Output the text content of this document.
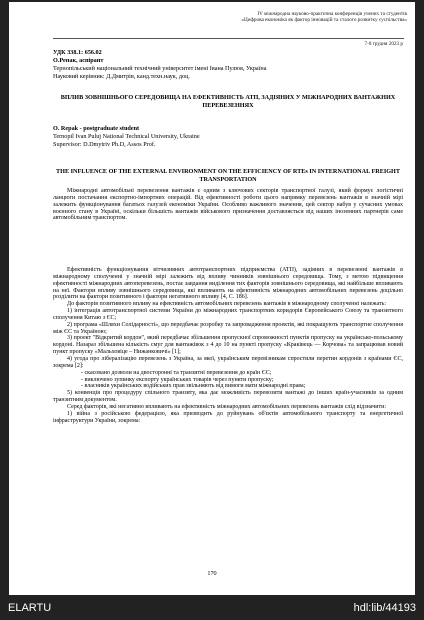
IV міжнародна науково-практична конференція учених та студентів
«Цифрова економіка як фактор інновацій та сталого розвитку суспільства»
7-8 грудня 2023 р
УДК 338.1: 656.02
О.Репак, аспірант
Тернопільський національний технічний університет імені Івана Пулюя, Україна
Науковий керівник: Д.Дмитрів, канд.техн.наук, доц.
ВПЛИВ ЗОВНІШНЬОГО СЕРЕДОВИЩА НА ЕФЕКТИВНІСТЬ АТП, ЗАДІЯНИХ У МІЖНАРОДНИХ ВАНТАЖНИХ ПЕРЕВЕЗЕННЯХ
O. Repak - postgraduate student
Ternopil Ivan Puluj National Technical University, Ukraine
Supervisor: D.Dmytriv Ph.D, Assos Prof.
THE INFLUENCE OF THE EXTERNAL ENVIRONMENT ON THE EFFICIENCY OF RTEs IN INTERNATIONAL FREIGHT TRANSPORTATION

Міжнародні автомобільні перевезення вантажів є одним з ключових секторів транспортної галузі, який формує логістичні ланцюги постачання експортно-імпортних операцій. Від ефективності роботи цього напрямку перевезень вантажів в значній мірі залежить функціонування багатьох галузей економіки України. Особливо важливого значення, цей сектор набув у сучасних умовах воєнного стану в Україні, оскільки більшість вантажів військового призначення доставляється від наших іноземних партнерів саме автомобільним транспортом.

Ефективність функціонування вітчизняних автотранспортних підприємства (АТП), задіяних в перевезенні вантажів в міжнародному сполученні у значній мірі залежить від впливу чинників зовнішнього середовища. Тому, з метою підвищення ефективності міжнародних автоперевезень, постає завдання виділення тих факторів зовнішнього середовища, які найбільше впливають на неї. Фактори впливу зовнішнього середовища, які впливають на ефективність міжнародних автомобільних перевезень доцільно розділити на фактори позитивного і фактори негативного впливу [4, С. 186].

До факторів позитивного впливу на ефективність автомобільних перевезень вантажів в міжнародному сполученні належать:

1) інтеграція автотранспортної системи України до міжнародних транспортних коридорів Європейського Союзу та транзитного сполучення Китаю з ЄС;

2) програма «Шляхи Солідарності», що передбачає розробку та запровадження проектів, які покращують транспортне сполучення між ЄС та Україною;

3) проект "Відкритий кордон", який передбачає збільшення пропускної спроможності пунктів пропуску на українсько-польському кордоні. Назараз збільшена кількість смуг для вантажівок з 4 до 10 на пункті пропуску «Краківець — Корчова» та запрацював новий пункт пропуску «Мальховіце – Нижанковичі» [1];

4) угода про лібералізацію перевезень з Україна, за якої, українським перевізникам спростили перетин кордонів з країнами ЄС, зокрема [2]:

- скасовано дозволи на двосторонні та транзитні перевезення до країн ЄС;

- виключено зупинку експорту українських товарів через пункти пропуску;

- власників українських водійських прав звільняють від вимоги мати міжнародні права;

5) конвенція про процедуру спільного транзиту, яка дає можливість перевозити вантажі до інших країн-учасників за одним транзитним документом.

Серед факторів, які негативно впливають на ефективність міжнародних автомобільних перевезень вантажів слід відзначити:

1) війна з російською федерацією, яка призводить до руйнувань об'єктів автомобільного транспорту та енергетичної інфраструктури України, зокрема:

170
ELARTU	hdl:lib/44193
